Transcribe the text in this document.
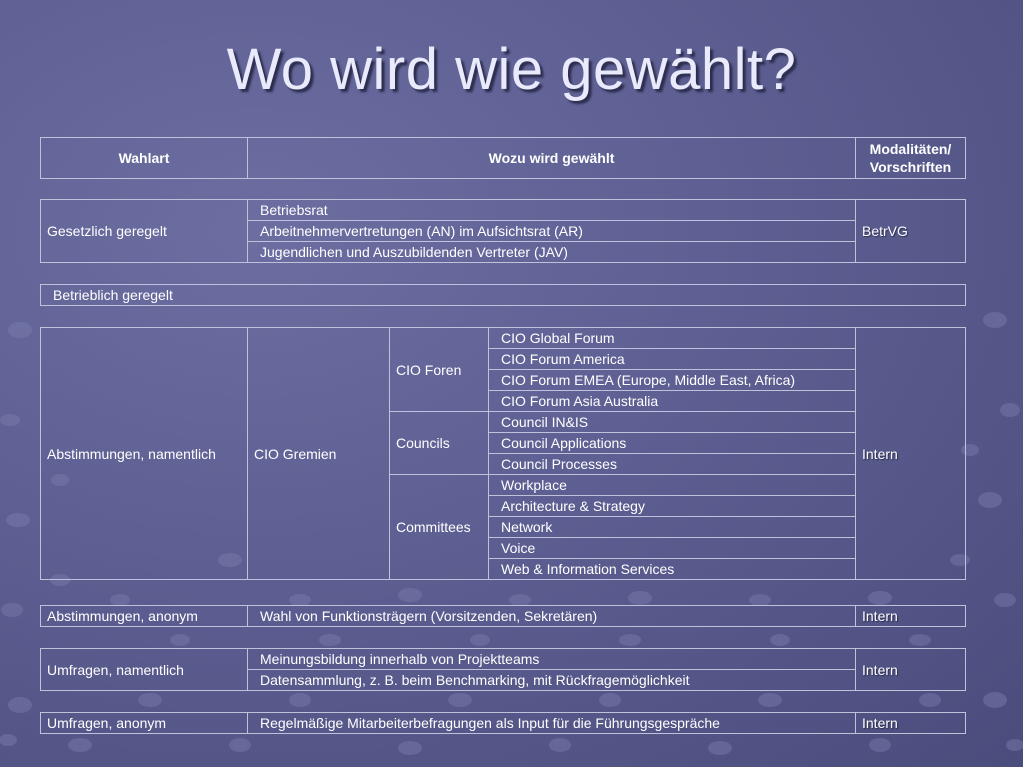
Wo wird wie gewählt?
Wahlart	Wozu wird gewählt	Modalitäten/
Vorschriften
Gesetzlich geregelt	Betriebsrat	BetrVG
Arbeitnehmervertretungen (AN) im Aufsichtsrat (AR)
Jugendlichen und Auszubildenden Vertreter (JAV)
Betrieblich geregelt
Abstimmungen, namentlich	CIO Gremien	CIO Foren	CIO Global Forum	Intern
			CIO Forum America	
			CIO Forum EMEA (Europe, Middle East, Africa)	
			CIO Forum Asia Australia	
		Councils	Council IN&IS	
			Council Applications	
			Council Processes	
		Committees	Workplace	
			Architecture & Strategy	
			Network	
			Voice	
			Web & Information Services	
Abstimmungen, anonym	Wahl von Funktionsträgern (Vorsitzenden, Sekretären)	Intern
Umfragen, namentlich	Meinungsbildung innerhalb von Projektteams	Intern
Datensammlung, z. B. beim Benchmarking, mit Rückfragemöglichkeit
Umfragen, anonym	Regelmäßige Mitarbeiterbefragungen als Input für die Führungsgespräche	Intern
